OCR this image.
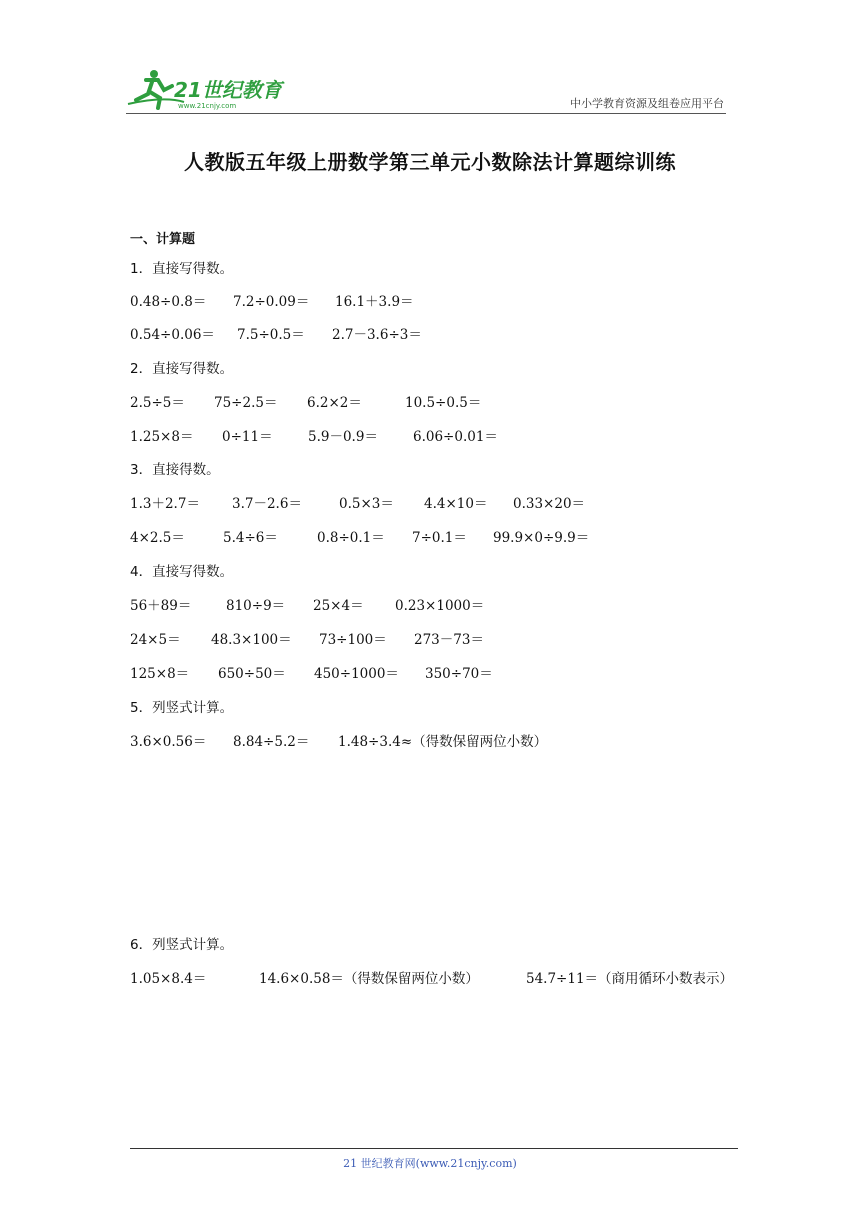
21世纪教育
www.21cnjy.com	中小学教育资源及组卷应用平台
人教版五年级上册数学第三单元小数除法计算题综训练
一、计算题
1．直接写得数。
0.48÷0.8＝ 7.2÷0.09＝ 16.1＋3.9＝
0.54÷0.06＝ 7.5÷0.5＝ 2.7－3.6÷3＝
2．直接写得数。
2.5÷5＝ 75÷2.5＝ 6.2×2＝	10.5÷0.5＝
1.25×8＝ 0÷11＝	5.9－0.9＝	6.06÷0.01＝
3．直接得数。
1.3＋2.7＝ 3.7－2.6＝	0.5×3＝ 4.4×10＝ 0.33×20＝
4×2.5＝	5.4÷6＝	0.8÷0.1＝ 7÷0.1＝ 99.9×0÷9.9＝
4．直接写得数。
56＋89＝	810÷9＝ 25×4＝ 0.23×1000＝
24×5＝ 48.3×100＝ 73÷100＝ 273－73＝
125×8＝ 650÷50＝ 450÷1000＝ 350÷70＝
5．列竖式计算。
3.6×0.56＝ 8.84÷5.2＝ 1.48÷3.4≈（得数保留两位小数）
6．列竖式计算。
1.05×8.4＝	14.6×0.58＝（得数保留两位小数）	54.7÷11＝（商用循环小数表示）
21 世纪教育网(www.21cnjy.com)
